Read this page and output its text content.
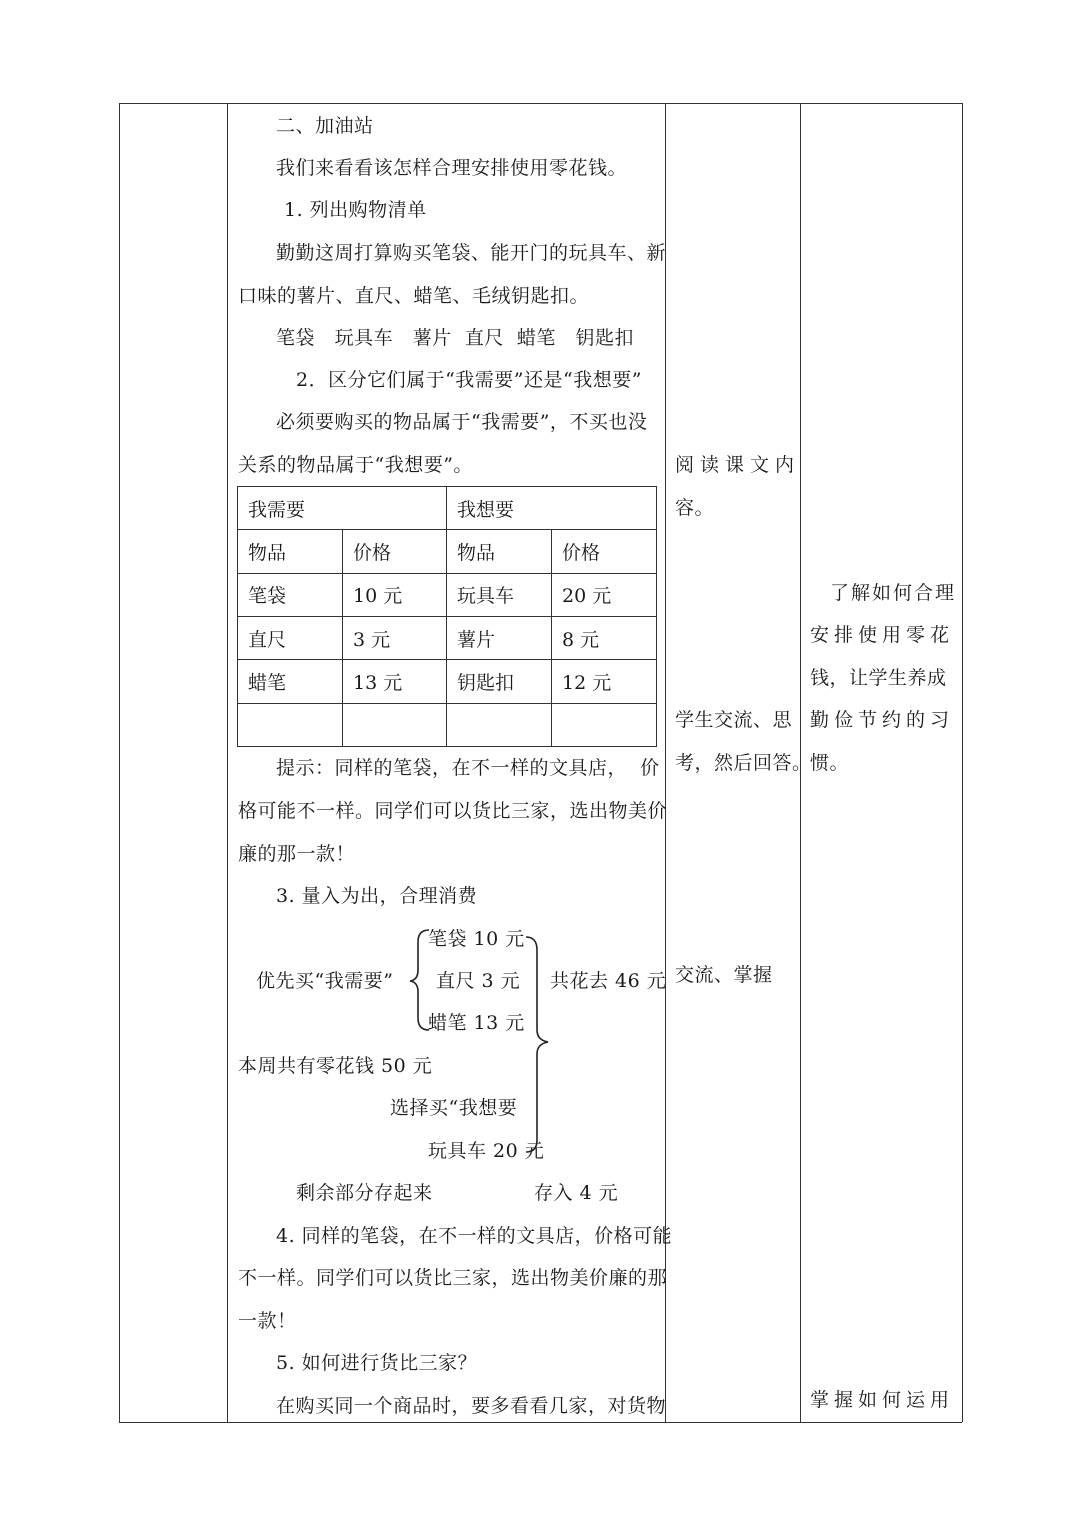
二、加油站
我们来看看该怎样合理安排使用零花钱。
1. 列出购物清单
勤勤这周打算购买笔袋、能开门的玩具车、新
口味的薯片、直尺、蜡笔、毛绒钥匙扣。
笔袋   玩具车   薯片  直尺  蜡笔   钥匙扣
2．区分它们属于“我需要”还是“我想要”
必须要购买的物品属于“我需要”，不买也没
关系的物品属于“我想要”。
我需要		我想要	
物品	价格	物品	价格
笔袋	10 元	玩具车	20 元
直尺	3 元	薯片	8 元
蜡笔	13 元	钥匙扣	12 元

提示：同样的笔袋，在不一样的文具店，  价
格可能不一样。同学们可以货比三家，选出物美价
廉的那一款！
3. 量入为出，合理消费
笔袋 10 元
优先买“我需要” 直尺 3 元 共花去 46 元
蜡笔 13 元
本周共有零花钱 50 元
选择买“我想要
玩具车 20 元
剩余部分存起来	存入 4 元
4. 同样的笔袋，在不一样的文具店，价格可能
不一样。同学们可以货比三家，选出物美价廉的那
一款！
5. 如何进行货比三家？
在购买同一个商品时，要多看看几家，对货物
阅读课文内
容。
学生交流、思
考，然后回答。
交流、掌握
了解如何合理
安排使用零花
钱，让学生养成
勤俭节约的习
惯。
掌握如何运用
